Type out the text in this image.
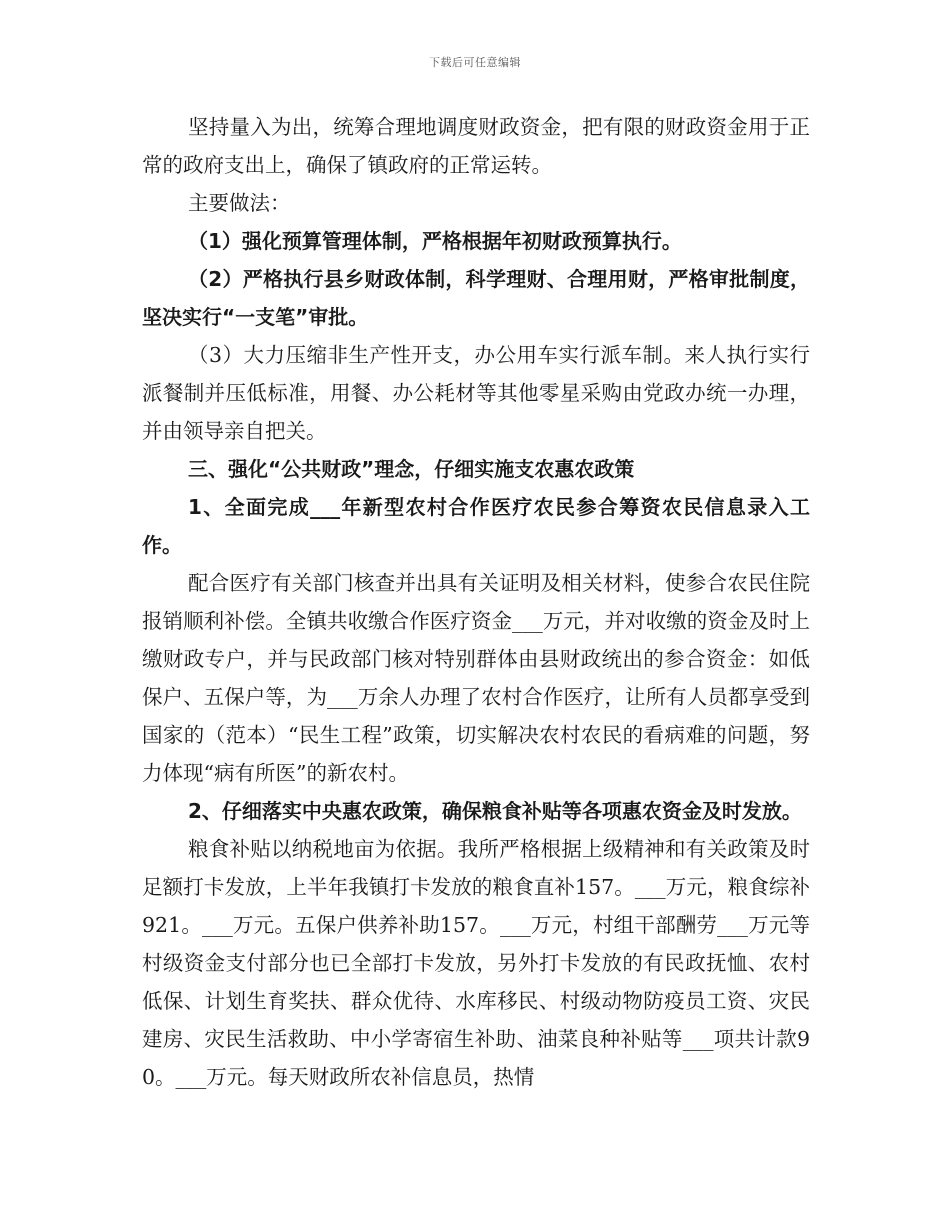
下载后可任意编辑

坚持量入为出，统筹合理地调度财政资金，把有限的财政资金用于正常的政府支出上，确保了镇政府的正常运转。

主要做法：

（1）强化预算管理体制，严格根据年初财政预算执行。

（2）严格执行县乡财政体制，科学理财、合理用财，严格审批制度，坚决实行“一支笔”审批。

（3）大力压缩非生产性开支，办公用车实行派车制。来人执行实行派餐制并压低标准，用餐、办公耗材等其他零星采购由党政办统一办理，并由领导亲自把关。

三、强化“公共财政”理念，仔细实施支农惠农政策

1、全面完成___年新型农村合作医疗农民参合筹资农民信息录入工作。

配合医疗有关部门核查并出具有关证明及相关材料，使参合农民住院报销顺利补偿。全镇共收缴合作医疗资金___万元，并对收缴的资金及时上缴财政专户，并与民政部门核对特别群体由县财政统出的参合资金：如低保户、五保户等，为___万余人办理了农村合作医疗，让所有人员都享受到国家的（范本）“民生工程”政策，切实解决农村农民的看病难的问题，努力体现“病有所医”的新农村。

2、仔细落实中央惠农政策，确保粮食补贴等各项惠农资金及时发放。

粮食补贴以纳税地亩为依据。我所严格根据上级精神和有关政策及时足额打卡发放，上半年我镇打卡发放的粮食直补157。___万元，粮食综补921。___万元。五保户供养补助157。___万元，村组干部酬劳___万元等村级资金支付部分也已全部打卡发放，另外打卡发放的有民政抚恤、农村低保、计划生育奖扶、群众优待、水库移民、村级动物防疫员工资、灾民建房、灾民生活救助、中小学寄宿生补助、油菜良种补贴等___项共计款90。___万元。每天财政所农补信息员，热情
